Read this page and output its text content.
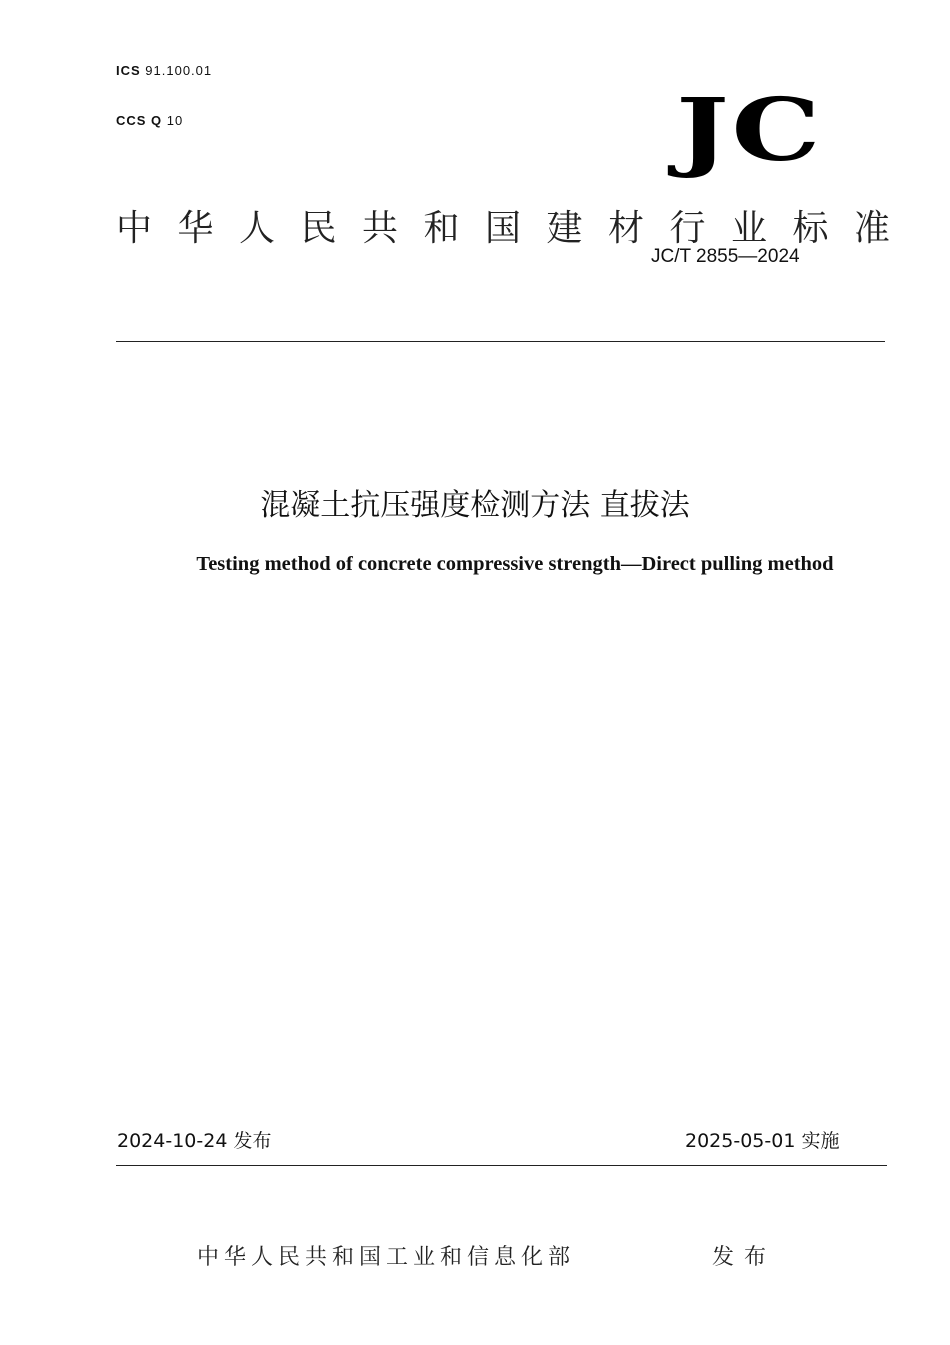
ICS 91.100.01
CCS Q 10	JC
中华人民共和国建材行业标准
JC/T 2855—2024
混凝土抗压强度检测方法 直拔法
Testing method of concrete compressive strength—Direct pulling method
2024-10-24 发布	2025-05-01 实施
中华人民共和国工业和信息化部	发布
